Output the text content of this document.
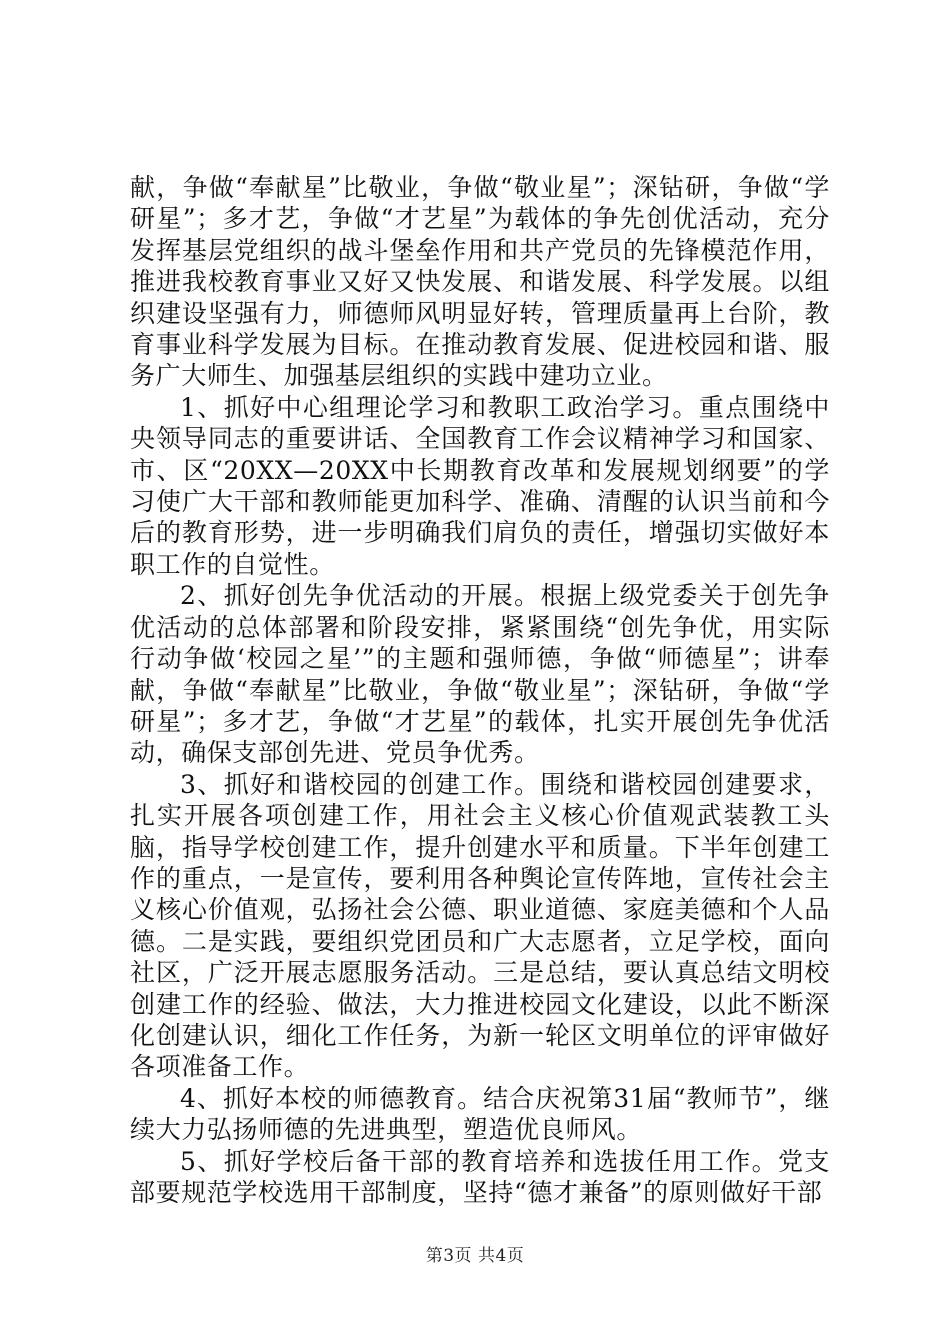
献，争做“奉献星”比敬业，争做“敬业星”；深钻研，争做“学研星”；多才艺，争做“才艺星”为载体的争先创优活动，充分发挥基层党组织的战斗堡垒作用和共产党员的先锋模范作用，推进我校教育事业又好又快发展、和谐发展、科学发展。以组织建设坚强有力，师德师风明显好转，管理质量再上台阶，教育事业科学发展为目标。在推动教育发展、促进校园和谐、服务广大师生、加强基层组织的实践中建功立业。

1、抓好中心组理论学习和教职工政治学习。重点围绕中央领导同志的重要讲话、全国教育工作会议精神学习和国家、市、区“20XX—20XX中长期教育改革和发展规划纲要”的学习使广大干部和教师能更加科学、准确、清醒的认识当前和今后的教育形势，进一步明确我们肩负的责任，增强切实做好本职工作的自觉性。

2、抓好创先争优活动的开展。根据上级党委关于创先争优活动的总体部署和阶段安排，紧紧围绕“创先争优，用实际行动争做‘校园之星’”的主题和强师德，争做“师德星”；讲奉献，争做“奉献星”比敬业，争做“敬业星”；深钻研，争做“学研星”；多才艺，争做“才艺星”的载体，扎实开展创先争优活动，确保支部创先进、党员争优秀。

3、抓好和谐校园的创建工作。围绕和谐校园创建要求，扎实开展各项创建工作，用社会主义核心价值观武装教工头脑，指导学校创建工作，提升创建水平和质量。下半年创建工作的重点，一是宣传，要利用各种舆论宣传阵地，宣传社会主义核心价值观，弘扬社会公德、职业道德、家庭美德和个人品德。二是实践，要组织党团员和广大志愿者，立足学校，面向社区，广泛开展志愿服务活动。三是总结，要认真总结文明校创建工作的经验、做法，大力推进校园文化建设，以此不断深化创建认识，细化工作任务，为新一轮区文明单位的评审做好各项准备工作。

4、抓好本校的师德教育。结合庆祝第31届“教师节”，继续大力弘扬师德的先进典型，塑造优良师风。

5、抓好学校后备干部的教育培养和选拔任用工作。党支部要规范学校选用干部制度，坚持“德才兼备”的原则做好干部

第3页 共4页
